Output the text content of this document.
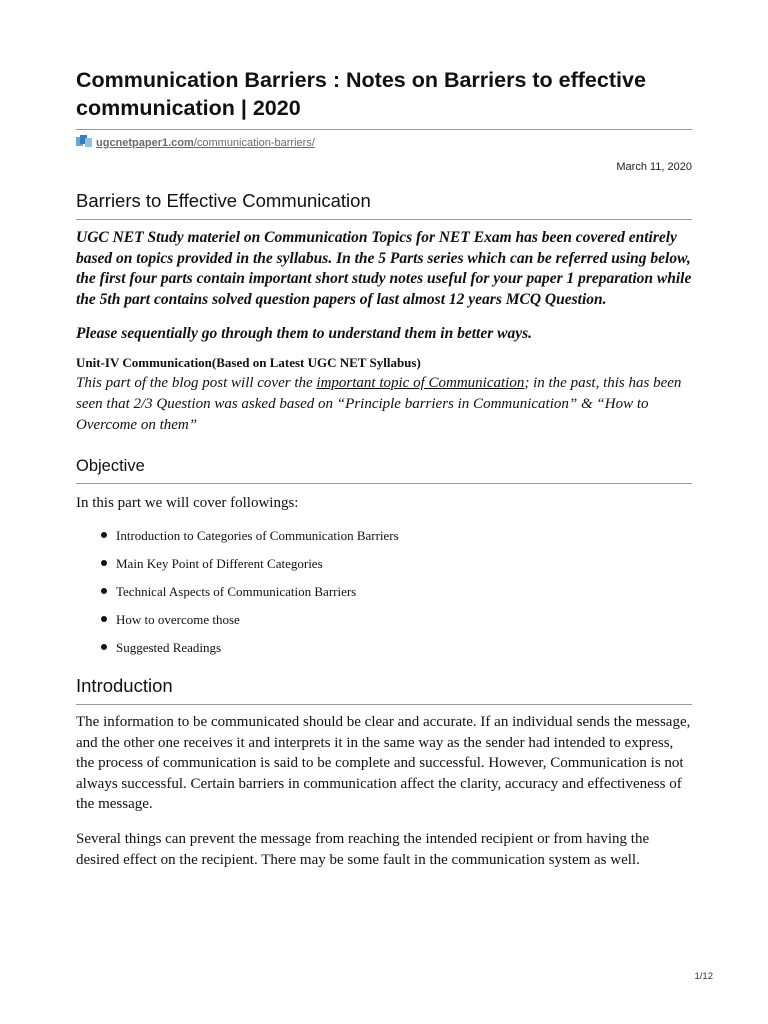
Communication Barriers : Notes on Barriers to effective communication | 2020
ugcnetpaper1.com/communication-barriers/
March 11, 2020
Barriers to Effective Communication

UGC NET Study materiel on Communication Topics for NET Exam has been covered entirely based on topics provided in the syllabus. In the 5 Parts series which can be referred using below, the first four parts contain important short study notes useful for your paper 1 preparation while the 5th part contains solved question papers of last almost 12 years MCQ Question.

Please sequentially go through them to understand them in better ways.

Unit-IV Communication(Based on Latest UGC NET Syllabus)

This part of the blog post will cover the important topic of Communication; in the past, this has been seen that 2/3 Question was asked based on “Principle barriers in Communication” & “How to Overcome on them”

Objective

In this part we will cover followings:

Introduction to Categories of Communication Barriers
Main Key Point of Different Categories
Technical Aspects of Communication Barriers
How to overcome those
Suggested Readings
Introduction

The information to be communicated should be clear and accurate. If an individual sends the message, and the other one receives it and interprets it in the same way as the sender had intended to express, the process of communication is said to be complete and successful. However, Communication is not always successful. Certain barriers in communication affect the clarity, accuracy and effectiveness of the message.

Several things can prevent the message from reaching the intended recipient or from having the desired effect on the recipient. There may be some fault in the communication system as well.

1/12
